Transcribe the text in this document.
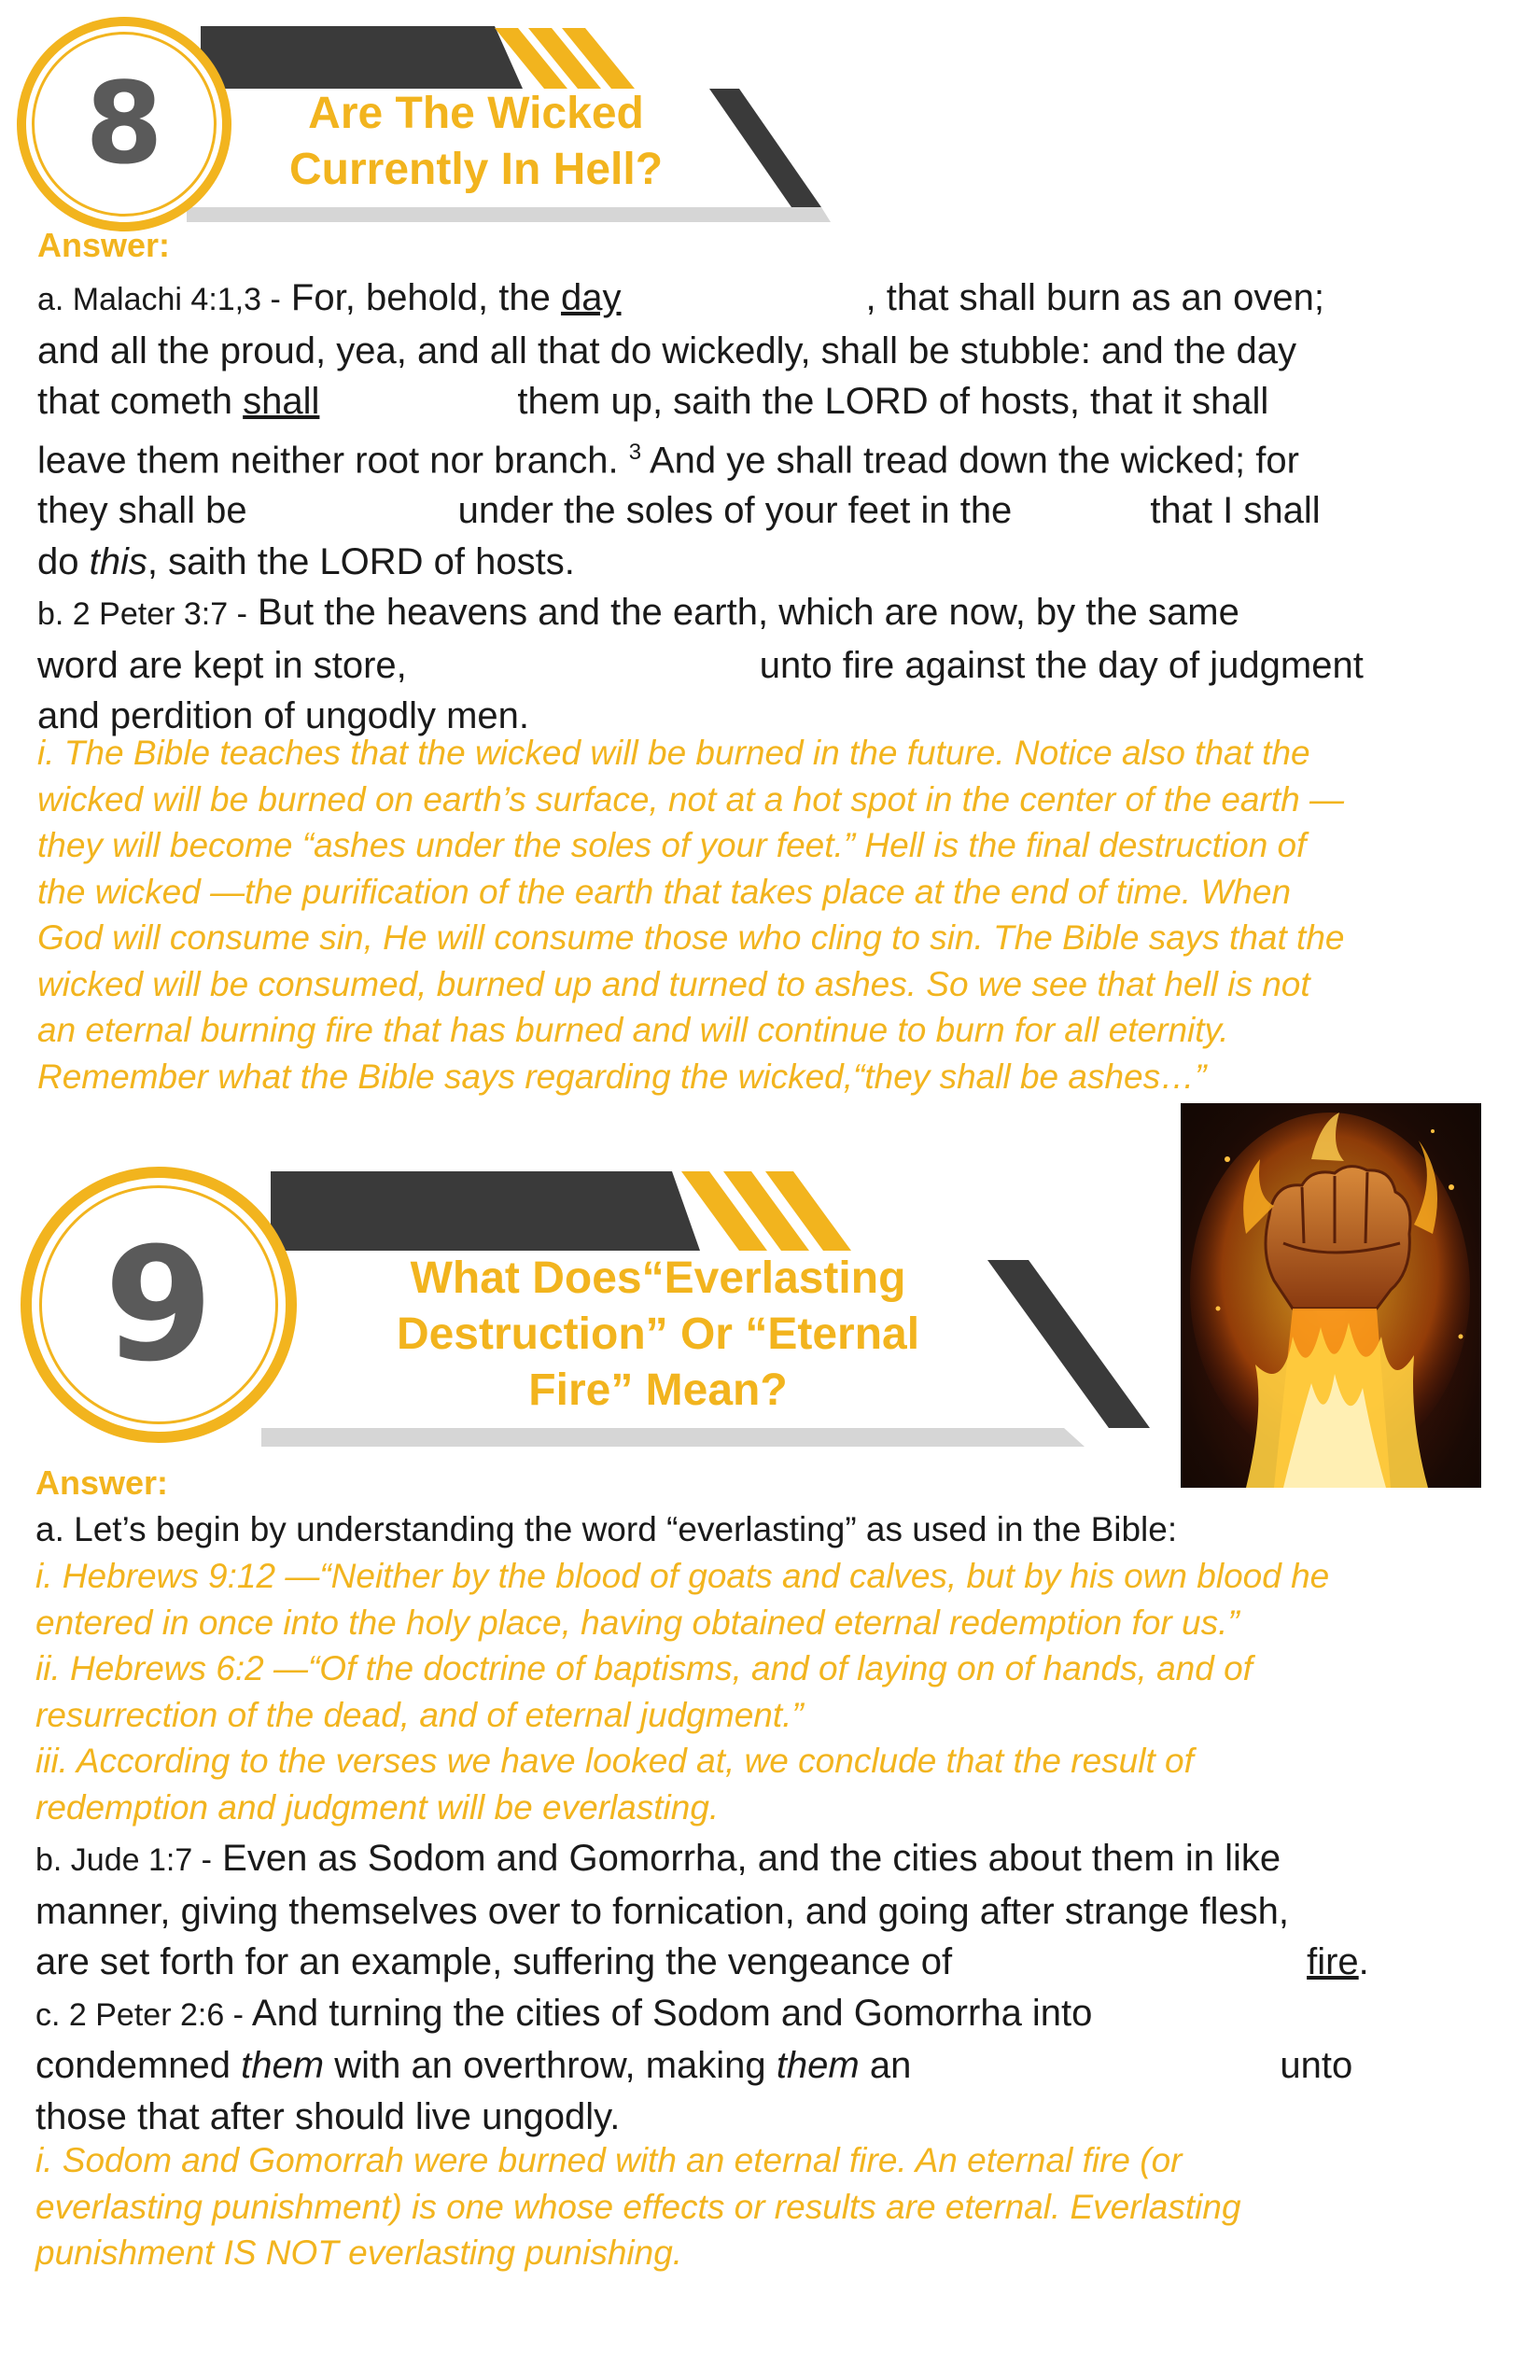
8	Are The Wicked
Currently In Hell?
Answer:

a. Malachi 4:1,3 - For, behold, the day	, that shall burn as an oven;

and all the proud, yea, and all that do wickedly, shall be stubble: and the day

that cometh shall	them up, saith the LORD of hosts, that it shall

leave them neither root nor branch. $^3$ And ye shall tread down the wicked; for

they shall be	under the soles of your feet in the	that I shall

do this, saith the LORD of hosts.

b. 2 Peter 3:7 - But the heavens and the earth, which are now, by the same

word are kept in store,	unto fire against the day of judgment

and perdition of ungodly men.

i. The Bible teaches that the wicked will be burned in the future. Notice also that the

wicked will be burned on earth’s surface, not at a hot spot in the center of the earth —

they will become “ashes under the soles of your feet.” Hell is the final destruction of

the wicked —the purification of the earth that takes place at the end of time. When

God will consume sin, He will consume those who cling to sin. The Bible says that the

wicked will be consumed, burned up and turned to ashes. So we see that hell is not

an eternal burning fire that has burned and will continue to burn for all eternity.

Remember what the Bible says regarding the wicked,“they shall be ashes…”

9	What Does“Everlasting
Destruction” Or “Eternal
Fire” Mean?
Answer:

a. Let’s begin by understanding the word “everlasting” as used in the Bible:

i. Hebrews 9:12 —“Neither by the blood of goats and calves, but by his own blood he

entered in once into the holy place, having obtained eternal redemption for us.”

ii. Hebrews 6:2 —“Of the doctrine of baptisms, and of laying on of hands, and of

resurrection of the dead, and of eternal judgment.”

iii. According to the verses we have looked at, we conclude that the result of

redemption and judgment will be everlasting.

b. Jude 1:7 - Even as Sodom and Gomorrha, and the cities about them in like

manner, giving themselves over to fornication, and going after strange flesh,

are set forth for an example, suffering the vengeance of	fire.

c. 2 Peter 2:6 - And turning the cities of Sodom and Gomorrha into

condemned them with an overthrow, making them an	unto

those that after should live ungodly.

i. Sodom and Gomorrah were burned with an eternal fire. An eternal fire (or

everlasting punishment) is one whose effects or results are eternal. Everlasting

punishment IS NOT everlasting punishing.
